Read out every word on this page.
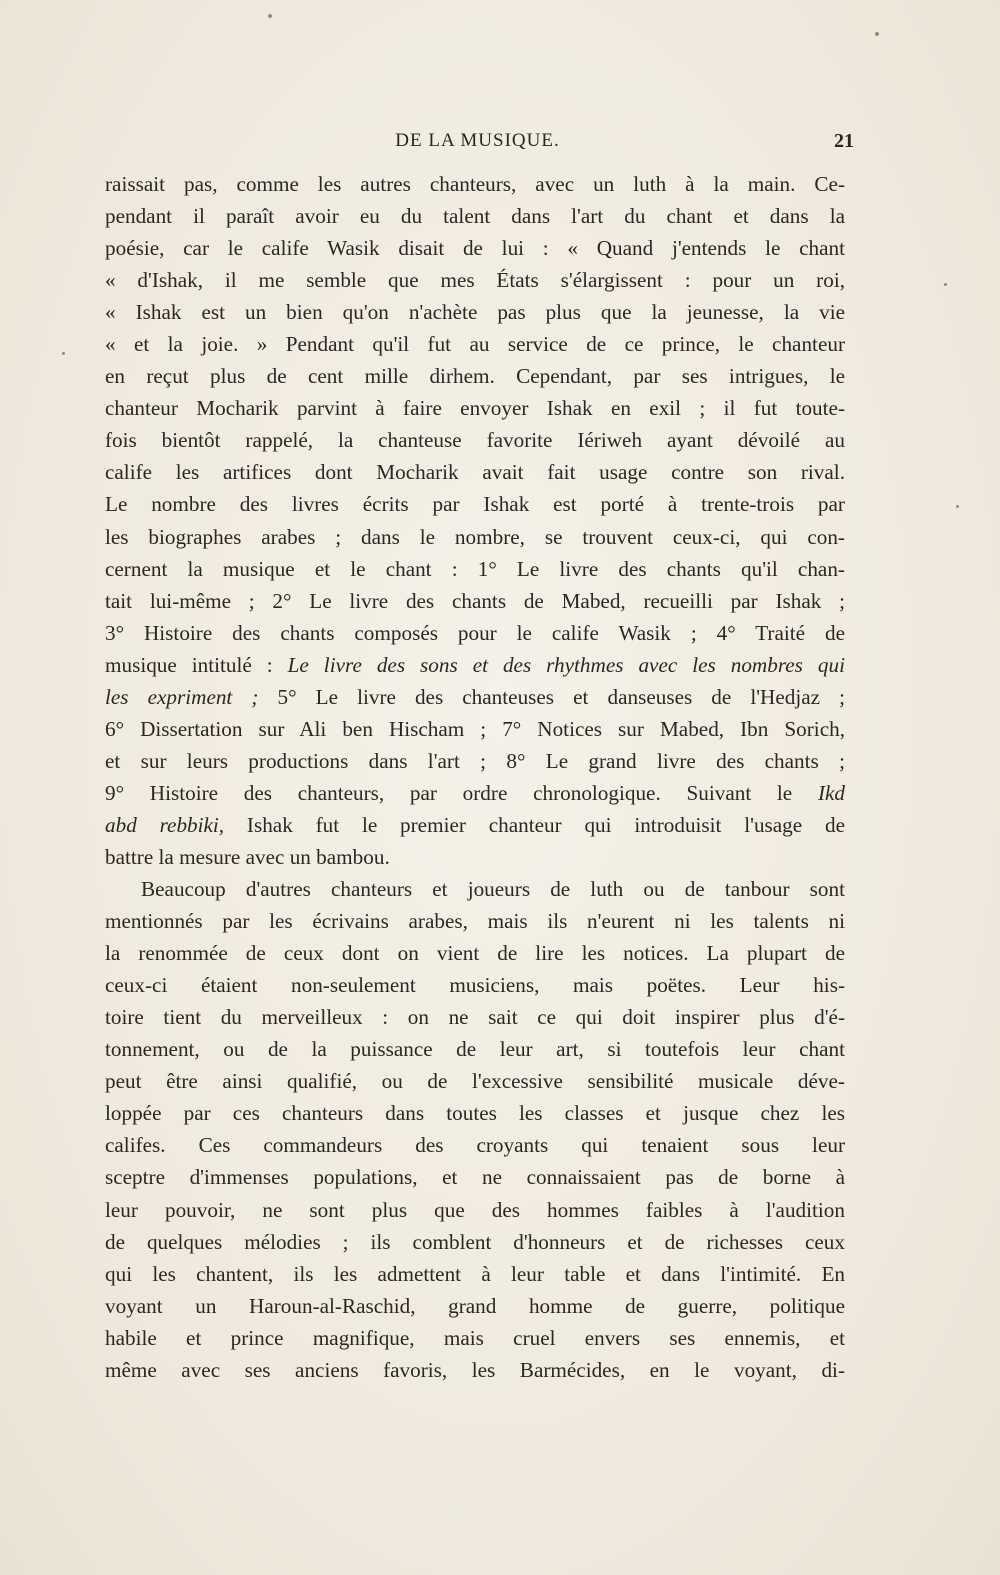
DE LA MUSIQUE.	21
raissait pas, comme les autres chanteurs, avec un luth à la main. Ce-
pendant il paraît avoir eu du talent dans l'art du chant et dans la
poésie, car le calife Wasik disait de lui : « Quand j'entends le chant
« d'Ishak, il me semble que mes États s'élargissent : pour un roi,
« Ishak est un bien qu'on n'achète pas plus que la jeunesse, la vie
« et la joie. » Pendant qu'il fut au service de ce prince, le chanteur
en reçut plus de cent mille dirhem. Cependant, par ses intrigues, le
chanteur Mocharik parvint à faire envoyer Ishak en exil ; il fut toute-
fois bientôt rappelé, la chanteuse favorite Iériweh ayant dévoilé au
calife les artifices dont Mocharik avait fait usage contre son rival.
Le nombre des livres écrits par Ishak est porté à trente-trois par
les biographes arabes ; dans le nombre, se trouvent ceux-ci, qui con-
cernent la musique et le chant : 1° Le livre des chants qu'il chan-
tait lui-même ; 2° Le livre des chants de Mabed, recueilli par Ishak ;
3° Histoire des chants composés pour le calife Wasik ; 4° Traité de
musique intitulé : Le livre des sons et des rhythmes avec les nombres qui
les expriment ; 5° Le livre des chanteuses et danseuses de l'Hedjaz ;
6° Dissertation sur Ali ben Hischam ; 7° Notices sur Mabed, Ibn Sorich,
et sur leurs productions dans l'art ; 8° Le grand livre des chants ;
9° Histoire des chanteurs, par ordre chronologique. Suivant le Ikd
abd rebbiki, Ishak fut le premier chanteur qui introduisit l'usage de
battre la mesure avec un bambou.
Beaucoup d'autres chanteurs et joueurs de luth ou de tanbour sont
mentionnés par les écrivains arabes, mais ils n'eurent ni les talents ni
la renommée de ceux dont on vient de lire les notices. La plupart de
ceux-ci étaient non-seulement musiciens, mais poëtes. Leur his-
toire tient du merveilleux : on ne sait ce qui doit inspirer plus d'é-
tonnement, ou de la puissance de leur art, si toutefois leur chant
peut être ainsi qualifié, ou de l'excessive sensibilité musicale déve-
loppée par ces chanteurs dans toutes les classes et jusque chez les
califes. Ces commandeurs des croyants qui tenaient sous leur
sceptre d'immenses populations, et ne connaissaient pas de borne à
leur pouvoir, ne sont plus que des hommes faibles à l'audition
de quelques mélodies ; ils comblent d'honneurs et de richesses ceux
qui les chantent, ils les admettent à leur table et dans l'intimité. En
voyant un Haroun-al-Raschid, grand homme de guerre, politique
habile et prince magnifique, mais cruel envers ses ennemis, et
même avec ses anciens favoris, les Barmécides, en le voyant, di-
